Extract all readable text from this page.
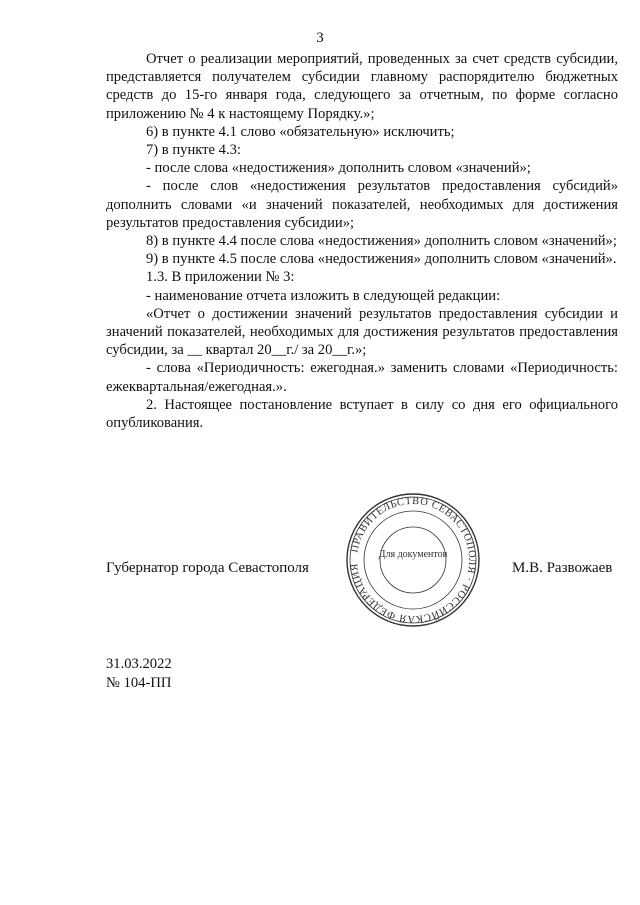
3

Отчет о реализации мероприятий, проведенных за счет средств субсидии, представляется получателем субсидии главному распорядителю бюджетных средств до 15-го января года, следующего за отчетным, по форме согласно приложению № 4 к настоящему Порядку.»;

6) в пункте 4.1 слово «обязательную» исключить;

7) в пункте 4.3:

- после слова «недостижения» дополнить словом «значений»;

- после слов «недостижения результатов предоставления субсидий» дополнить словами «и значений показателей, необходимых для достижения результатов предоставления субсидии»;

8) в пункте 4.4 после слова «недостижения» дополнить словом «значений»;

9) в пункте 4.5 после слова «недостижения» дополнить словом «значений».

1.3. В приложении № 3:

- наименование отчета изложить в следующей редакции:

«Отчет о достижении значений результатов предоставления субсидии и значений показателей, необходимых для достижения результатов предоставления субсидии, за __ квартал 20__г./ за 20__г.»;

- слова «Периодичность: ежегодная.» заменить словами «Периодичность: ежеквартальная/ежегодная.».

2. Настоящее постановление вступает в силу со дня его официального опубликования.

Губернатор города Севастополя
ПРАВИТЕЛЬСТВО СЕВАСТОПОЛЯ · РОССИЙСКАЯ ФЕДЕРАЦИЯ
Для документов
М.В. Развожаев
31.03.2022
№ 104-ПП
